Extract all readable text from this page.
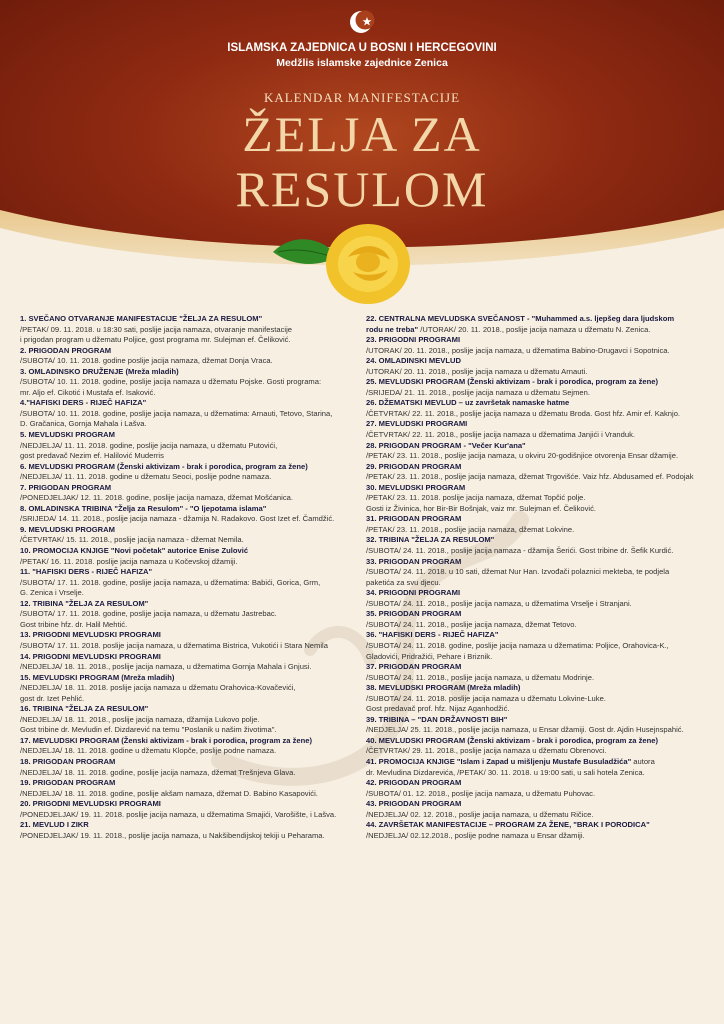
ISLAMSKA ZAJEDNICA U BOSNI I HERCEGOVINI
Medžlis islamske zajednice Zenica
KALENDAR MANIFESTACIJE
ŽELJA ZA
RESULOM
1. SVEČANO OTVARANJE MANIFESTACIJE "ŽELJA ZA RESULOM"
/PETAK/ 09. 11. 2018. u 18:30 sati, poslije jacija namaza, otvaranje manifestacije
i prigodan program u džematu Poljice, gost programa mr. Sulejman ef. Čeliković.
2. PRIGODAN PROGRAM
/SUBOTA/ 10. 11. 2018. godine poslije jacija namaza, džemat Donja Vraca.
3. OMLADINSKO DRUŽENJE (Mreža mladih)
/SUBOTA/ 10. 11. 2018. godine, poslije jacija namaza u džematu Pojske. Gosti programa:
mr. Aljo ef. Cikotić i Mustafa ef. Isaković.
4."HAFISKI DERS - RIJEČ HAFIZA"
/SUBOTA/ 10. 11. 2018. godine, poslije jacija namaza, u džematima: Arnauti, Tetovo, Starina,
D. Gračanica, Gornja Mahala i Lašva.
5. MEVLUDSKI PROGRAM
/NEDJELJA/ 11. 11. 2018. godine, poslije jacija namaza, u džematu Putovići,
gost predavač Nezim ef. Halilović Muderris
6. MEVLUDSKI PROGRAM (Ženski aktivizam - brak i porodica, program za žene)
/NEDJELJA/ 11. 11. 2018. godine u džematu Seoci, poslije podne namaza.
7. PRIGODAN PROGRAM
/PONEDJELJAK/ 12. 11. 2018. godine, poslije jacija namaza, džemat Mošćanica.
8. OMLADINSKA TRIBINA "Želja za Resulom" - "O ljepotama islama"
/SRIJEDA/ 14. 11. 2018., poslije jacija namaza - džamija N. Radakovo. Gost Izet ef. Čamdžić.
9. MEVLUDSKI PROGRAM
/ČETVRTAK/ 15. 11. 2018., poslije jacija namaza - džemat Nemila.
10. PROMOCIJA KNJIGE "Novi početak" autorice Enise Zulović
/PETAK/ 16. 11. 2018. poslije jacija namaza u Kočevskoj džamiji.
11. "HAFISKI DERS - RIJEČ HAFIZA"
/SUBOTA/ 17. 11. 2018. godine, poslije jacija namaza, u džematima: Babići, Gorica, Grm,
G. Zenica i Vrselje.
12. TRIBINA "ŽELJA ZA RESULOM"
/SUBOTA/ 17. 11. 2018. godine, poslije jacija namaza, u džematu Jastrebac.
Gost tribine hfz. dr. Halil Mehtić.
13. PRIGODNI MEVLUDSKI PROGRAMI
/SUBOTA/ 17. 11. 2018. poslije jacija namaza, u džematima Bistrica, Vukotići i Stara Nemila
14. PRIGODNI MEVLUDSKI PROGRAMI
/NEDJELJA/ 18. 11. 2018., poslije jacija namaza, u džematima Gornja Mahala i Gnjusi.
15. MEVLUDSKI PROGRAM (Mreža mladih)
/NEDJELJA/ 18. 11. 2018. poslije jacija namaza u džematu Orahovica-Kovačevići,
gost dr. Izet Pehlić.
16. TRIBINA "ŽELJA ZA RESULOM"
/NEDJELJA/ 18. 11. 2018., poslije jacija namaza, džamija Lukovo polje.
Gost tribine dr. Mevludin ef. Dizdarević na temu "Poslanik u našim životima".
17. MEVLUDSKI PROGRAM (Ženski aktivizam - brak i porodica, program za žene)
/NEDJELJA/ 18. 11. 2018. godine u džematu Klopče, poslije podne namaza.
18. PRIGODAN PROGRAM
/NEDJELJA/ 18. 11. 2018. godine, poslije jacija namaza, džemat Trešnjeva Glava.
19. PRIGODAN PROGRAM
/NEDJELJA/ 18. 11. 2018. godine, poslije akšam namaza, džemat D. Babino Kasapovići.
20. PRIGODNI MEVLUDSKI PROGRAMI
/PONEDJELJAK/ 19. 11. 2018. poslije jacija namaza, u džematima Smajići, Varošište, i Lašva.
21. MEVLUD I ZIKR
/PONEDJELJAK/ 19. 11. 2018., poslije jacija namaza, u Nakšibendijskoj tekiji u Peharama.
22. CENTRALNA MEVLUDSKA SVEČANOST - "Muhammed a.s. ljepšeg dara ljudskom
rodu ne treba" /UTORAK/ 20. 11. 2018., poslije jacija namaza u džematu N. Zenica.
23. PRIGODNI PROGRAMI
/UTORAK/ 20. 11. 2018., poslije jacija namaza, u džematima Babino-Drugavci i Sopotnica.
24. OMLADINSKI MEVLUD
/UTORAK/ 20. 11. 2018., poslije jacija namaza u džematu Arnauti.
25. MEVLUDSKI PROGRAM (Ženski aktivizam - brak i porodica, program za žene)
/SRIJEDA/ 21. 11. 2018., poslije jacija namaza u džematu Sejmen.
26. DŽEMATSKI MEVLUD – uz završetak namaske hatme
/ČETVRTAK/ 22. 11. 2018., poslije jacija namaza u džematu Broda. Gost hfz. Amir ef. Kaknjo.
27. MEVLUDSKI PROGRAMI
/ČETVRTAK/ 22. 11. 2018., poslije jacija namaza u džematima Janjići i Vranduk.
28. PRIGODAN PROGRAM - "Večer Kur'ana"
/PETAK/ 23. 11. 2018., poslije jacija namaza, u okviru 20-godišnjice otvorenja Ensar džamije.
29. PRIGODAN PROGRAM
/PETAK/ 23. 11. 2018., poslije jacija namaza, džemat Trgovišće. Vaiz hfz. Abdusamed ef. Podojak
30. MEVLUDSKI PROGRAM
/PETAK/ 23. 11. 2018. poslije jacija namaza, džemat Topčić polje.
Gosti iz Živinica, hor Bir-Bir Bošnjak, vaiz mr. Sulejman ef. Čeliković.
31. PRIGODAN PROGRAM
/PETAK/ 23. 11. 2018., poslije jacija namaza, džemat Lokvine.
32. TRIBINA "ŽELJA ZA RESULOM"
/SUBOTA/ 24. 11. 2018., poslije jacija namaza - džamija Šerići. Gost tribine dr. Šefik Kurdić.
33. PRIGODAN PROGRAM
/SUBOTA/ 24. 11. 2018. u 10 sati, džemat Nur Han. Izvođači polaznici mekteba, te podjela
paketića za svu djecu.
34. PRIGODNI PROGRAMI
/SUBOTA/ 24. 11. 2018., poslije jacija namaza, u džematima Vrselje i Stranjani.
35. PRIGODAN PROGRAM
/SUBOTA/ 24. 11. 2018., poslije jacija namaza, džemat Tetovo.
36. "HAFISKI DERS - RIJEČ HAFIZA"
/SUBOTA/ 24. 11. 2018. godine, poslije jacija namaza u džematima: Poljice, Orahovica-K.,
Gladovići, Pridražići, Pehare i Briznik.
37. PRIGODAN PROGRAM
/SUBOTA/ 24. 11. 2018., poslije jacija namaza, u džematu Modrinje.
38. MEVLUDSKI PROGRAM (Mreža mladih)
/SUBOTA/ 24. 11. 2018. poslije jacija namaza u džematu Lokvine-Luke.
Gost predavač prof. hfz. Nijaz Aganhodžić.
39. TRIBINA – "DAN DRŽAVNOSTI BIH"
/NEDJELJA/ 25. 11. 2018., poslije jacija namaza, u Ensar džamiji. Gost dr. Ajdin Husejnspahić.
40. MEVLUDSKI PROGRAM (Ženski aktivizam - brak i porodica, program za žene)
/ČETVRTAK/ 29. 11. 2018., poslije jacija namaza u džematu Obrenovci.
41. PROMOCIJA KNJIGE "Islam i Zapad u mišljenju Mustafe Busuladžića" autora
dr. Mevludina Dizdarevića, /PETAK/ 30. 11. 2018. u 19:00 sati, u sali hotela Zenica.
42. PRIGODAN PROGRAM
/SUBOTA/ 01. 12. 2018., poslije jacija namaza, u džematu Puhovac.
43. PRIGODAN PROGRAM
/NEDJELJA/ 02. 12. 2018., poslije jacija namaza, u džematu Ričice.
44. ZAVRŠETAK MANIFESTACIJE – PROGRAM ZA ŽENE, "BRAK I PORODICA"
/NEDJELJA/ 02.12.2018., poslije podne namaza u Ensar džamiji.
